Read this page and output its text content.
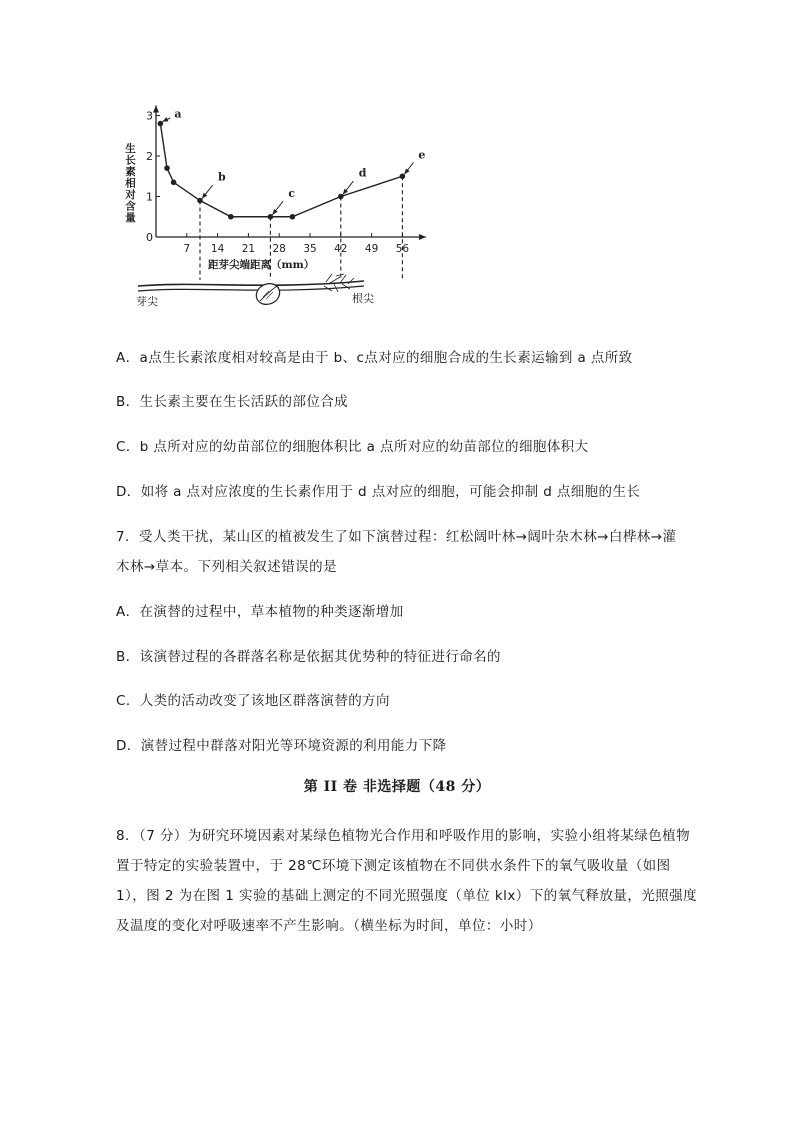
生长素相对含量
0
1
2
3
7 14 21 28 35 42 49 56
a
b
c
d
e
芽尖	根尖
距芽尖端距离（mm）
A．a点生长素浓度相对较高是由于 b、c点对应的细胞合成的生长素运输到 a 点所致
B．生长素主要在生长活跃的部位合成
C．b 点所对应的幼苗部位的细胞体积比 a 点所对应的幼苗部位的细胞体积大
D．如将 a 点对应浓度的生长素作用于 d 点对应的细胞，可能会抑制 d 点细胞的生长
7．受人类干扰，某山区的植被发生了如下演替过程：红松阔叶林→阔叶杂木林→白桦林→灌
木林→草本。下列相关叙述错误的是
A．在演替的过程中，草本植物的种类逐渐增加
B．该演替过程的各群落名称是依据其优势种的特征进行命名的
C．人类的活动改变了该地区群落演替的方向
D．演替过程中群落对阳光等环境资源的利用能力下降
第 II 卷 非选择题（48 分）
8．（7 分）为研究环境因素对某绿色植物光合作用和呼吸作用的影响，实验小组将某绿色植物
置于特定的实验装置中，于 28℃环境下测定该植物在不同供水条件下的氧气吸收量（如图
1），图 2 为在图 1 实验的基础上测定的不同光照强度（单位 klx）下的氧气释放量，光照强度
及温度的变化对呼吸速率不产生影响。（横坐标为时间，单位：小时）
